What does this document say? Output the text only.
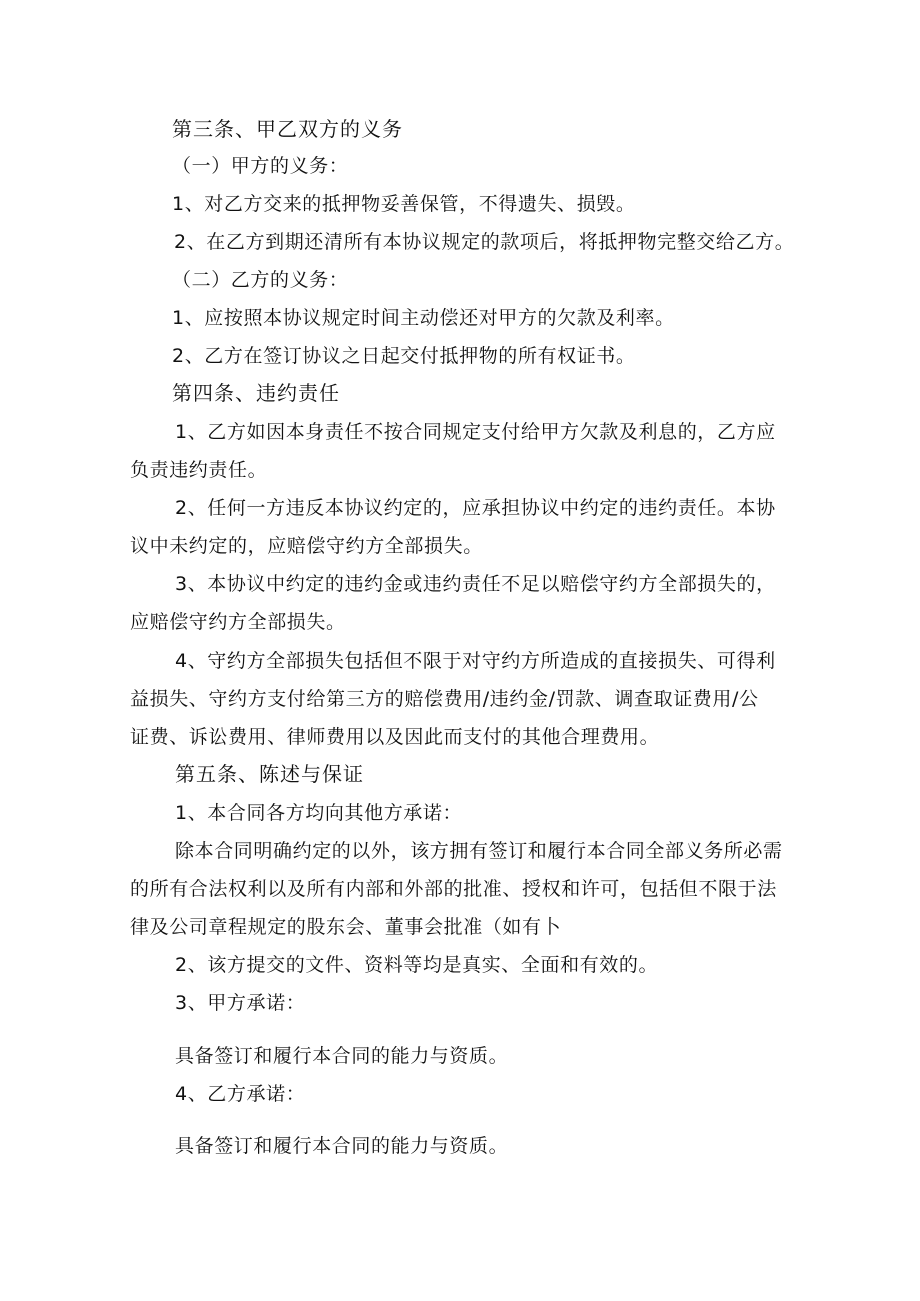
第三条、甲乙双方的义务
（一）甲方的义务：
1、对乙方交来的抵押物妥善保管，不得遗失、损毁。
2、在乙方到期还清所有本协议规定的款项后，将抵押物完整交给乙方。
（二）乙方的义务：
1、应按照本协议规定时间主动偿还对甲方的欠款及利率。
2、乙方在签订协议之日起交付抵押物的所有权证书。
第四条、违约责任
1、乙方如因本身责任不按合同规定支付给甲方欠款及利息的，乙方应
负责违约责任。
2、任何一方违反本协议约定的，应承担协议中约定的违约责任。本协
议中未约定的，应赔偿守约方全部损失。
3、本协议中约定的违约金或违约责任不足以赔偿守约方全部损失的，
应赔偿守约方全部损失。
4、守约方全部损失包括但不限于对守约方所造成的直接损失、可得利
益损失、守约方支付给第三方的赔偿费用/违约金/罚款、调查取证费用/公
证费、诉讼费用、律师费用以及因此而支付的其他合理费用。
第五条、陈述与保证
1、本合同各方均向其他方承诺：
除本合同明确约定的以外，该方拥有签订和履行本合同全部义务所必需
的所有合法权利以及所有内部和外部的批准、授权和许可，包括但不限于法
律及公司章程规定的股东会、董事会批准（如有卜
2、该方提交的文件、资料等均是真实、全面和有效的。
3、甲方承诺：
具备签订和履行本合同的能力与资质。
4、乙方承诺：
具备签订和履行本合同的能力与资质。
